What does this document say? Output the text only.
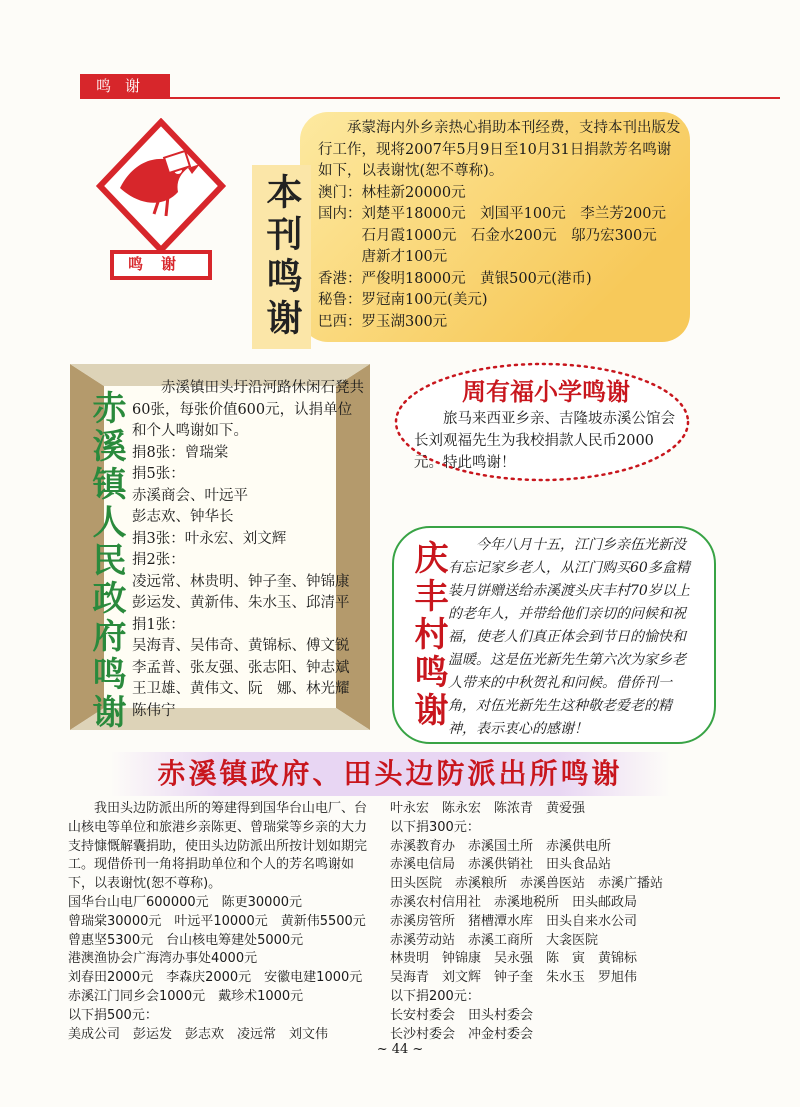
鸣谢
鸣谢	本刊鸣谢

　　承蒙海内外乡亲热心捐助本刊经费，支持本刊出版发行工作，现将2007年5月9日至10月31日捐款芳名鸣谢如下，以表谢忱(恕不尊称)。

澳门：林桂新20000元

国内：刘楚平18000元　刘国平100元　李兰芳200元

　　　石月霞1000元　石金水200元　邬乃宏300元

　　　唐新才100元

香港：严俊明18000元　黄银500元(港币)

秘鲁：罗冠南100元(美元)

巴西：罗玉湖300元

赤溪镇人民政府鸣谢

　　赤溪镇田头圩沿河路休闲石凳共60张，每张价值600元，认捐单位和个人鸣谢如下。

捐8张：曾瑞棠

捐5张：

赤溪商会、叶远平

彭志欢、钟华长

捐3张：叶永宏、刘文辉

捐2张：

凌远常、林贵明、钟子奎、钟锦康

彭运发、黄新伟、朱水玉、邱清平

捐1张：

吴海青、吴伟奇、黄锦标、傅文锐

李孟普、张友强、张志阳、钟志斌

王卫雄、黄伟文、阮　娜、林光耀

陈伟宁

周有福小学鸣谢
　　旅马来西亚乡亲、吉隆坡赤溪公馆会长刘观福先生为我校捐款人民币2000元。特此鸣谢！
庆丰村鸣谢 　　今年八月十五，江门乡亲伍光新没有忘记家乡老人，从江门购买60多盒精装月饼赠送给赤溪渡头庆丰村70岁以上的老年人，并带给他们亲切的问候和祝福，使老人们真正体会到节日的愉快和温暖。这是伍光新先生第六次为家乡老人带来的中秋贺礼和问候。借侨刊一角，对伍光新先生这种敬老爱老的精神，表示衷心的感谢！
赤溪镇政府、田头边防派出所鸣谢

　　我田头边防派出所的筹建得到国华台山电厂、台

山核电等单位和旅港乡亲陈更、曾瑞棠等乡亲的大力

支持慷慨解囊捐助，使田头边防派出所按计划如期完

工。现借侨刊一角将捐助单位和个人的芳名鸣谢如

下，以表谢忱(恕不尊称)。

国华台山电厂600000元　陈更30000元

曾瑞棠30000元　叶远平10000元　黄新伟5500元

曾惠坚5300元　台山核电筹建处5000元

港澳渔协会广海湾办事处4000元

刘春田2000元　李森庆2000元　安徽电建1000元

赤溪江门同乡会1000元　戴珍术1000元

以下捐500元：

美成公司　彭运发　彭志欢　凌远常　刘文伟

叶永宏　陈永宏　陈浓青　黄爱强

以下捐300元：

赤溪教育办　赤溪国土所　赤溪供电所

赤溪电信局　赤溪供销社　田头食品站

田头医院　赤溪粮所　赤溪兽医站　赤溪广播站

赤溪农村信用社　赤溪地税所　田头邮政局

赤溪房管所　猪槽潭水库　田头自来水公司

赤溪劳动站　赤溪工商所　大衾医院

林贵明　钟锦康　吴永强　陈　寅　黄锦标

吴海青　刘文辉　钟子奎　朱水玉　罗旭伟

以下捐200元：

长安村委会　田头村委会

长沙村委会　冲金村委会

~ 44 ~
